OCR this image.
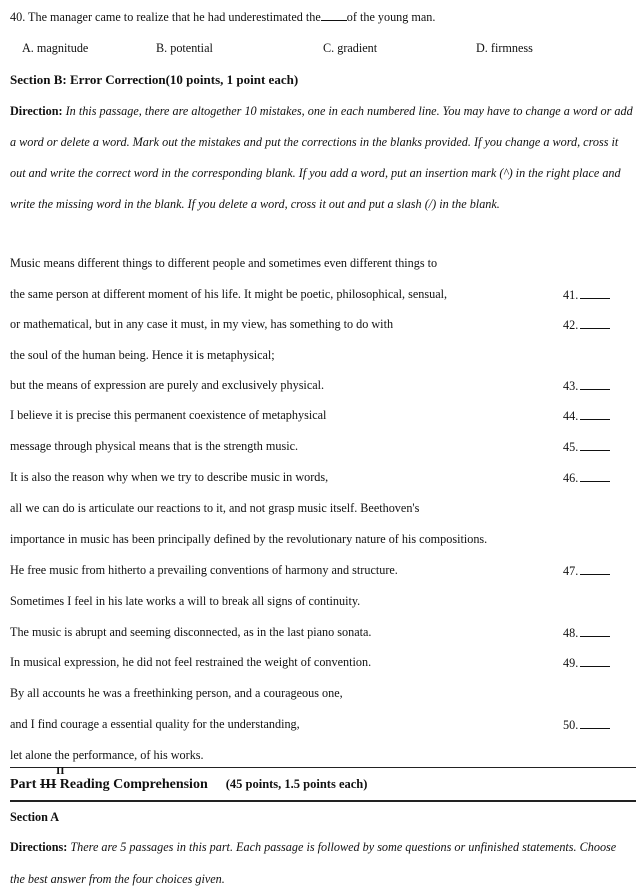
40. The manager came to realize that he had underestimated the of the young man.
A. magnitude	B. potential	C. gradient	D. firmness
Section B: Error Correction(10 points, 1 point each)
Direction: In this passage, there are altogether 10 mistakes, one in each numbered line. You may have to change a word or add a word or delete a word. Mark out the mistakes and put the corrections in the blanks provided. If you change a word, cross it out and write the correct word in the corresponding blank. If you add a word, put an insertion mark (^) in the right place and write the missing word in the blank. If you delete a word, cross it out and put a slash (/) in the blank.
Music means different things to different people and sometimes even different things to
the same person at different moment of his life. It might be poetic, philosophical, sensual,	41.
or mathematical, but in any case it must, in my view, has something to do with	42.
the soul of the human being. Hence it is metaphysical;
but the means of expression are purely and exclusively physical.	43.
I believe it is precise this permanent coexistence of metaphysical	44.
message through physical means that is the strength music.	45.
It is also the reason why when we try to describe music in words,	46.
all we can do is articulate our reactions to it, and not grasp music itself. Beethoven's
importance in music has been principally defined by the revolutionary nature of his compositions.
He free music from hitherto a prevailing conventions of harmony and structure.	47.
Sometimes I feel in his late works a will to break all signs of continuity.
The music is abrupt and seeming disconnected, as in the last piano sonata.	48.
In musical expression, he did not feel restrained the weight of convention.	49.
By all accounts he was a freethinking person, and a courageous one,
and I find courage a essential quality for the understanding,	50.
let alone the performance, of his works.
II
Part III Reading Comprehension (45 points, 1.5 points each)
Section A
Directions: There are 5 passages in this part. Each passage is followed by some questions or unfinished statements. Choose the best answer from the four choices given.
